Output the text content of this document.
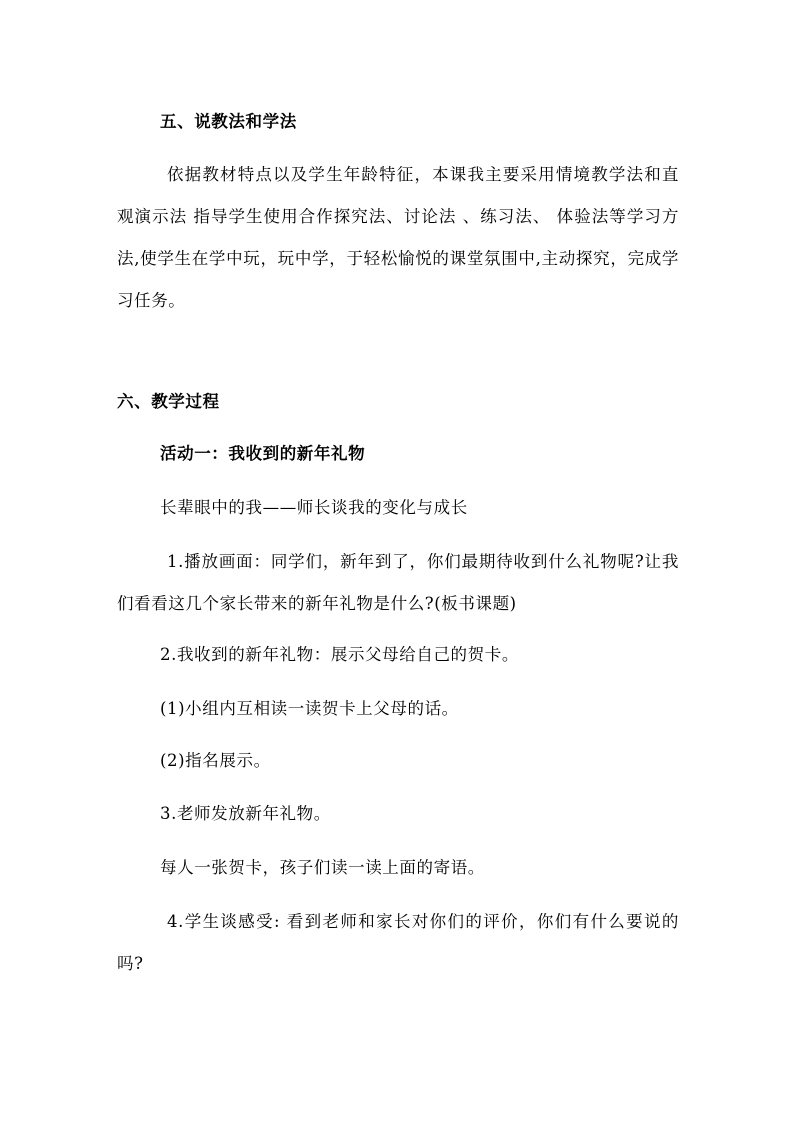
五、说教法和学法
依据教材特点以及学生年龄特征，本课我主要采用情境教学法和直观演示法 指导学生使用合作探究法、讨论法 、练习法、 体验法等学习方法,使学生在学中玩，玩中学，于轻松愉悦的课堂氛围中,主动探究，完成学习任务。
六、教学过程
活动一：我收到的新年礼物
长辈眼中的我——师长谈我的变化与成长
1.播放画面：同学们，新年到了，你们最期待收到什么礼物呢?让我们看看这几个家长带来的新年礼物是什么?(板书课题)
2.我收到的新年礼物：展示父母给自己的贺卡。
(1)小组内互相读一读贺卡上父母的话。
(2)指名展示。
3.老师发放新年礼物。
每人一张贺卡，孩子们读一读上面的寄语。
4.学生谈感受: 看到老师和家长对你们的评价，你们有什么要说的吗?
